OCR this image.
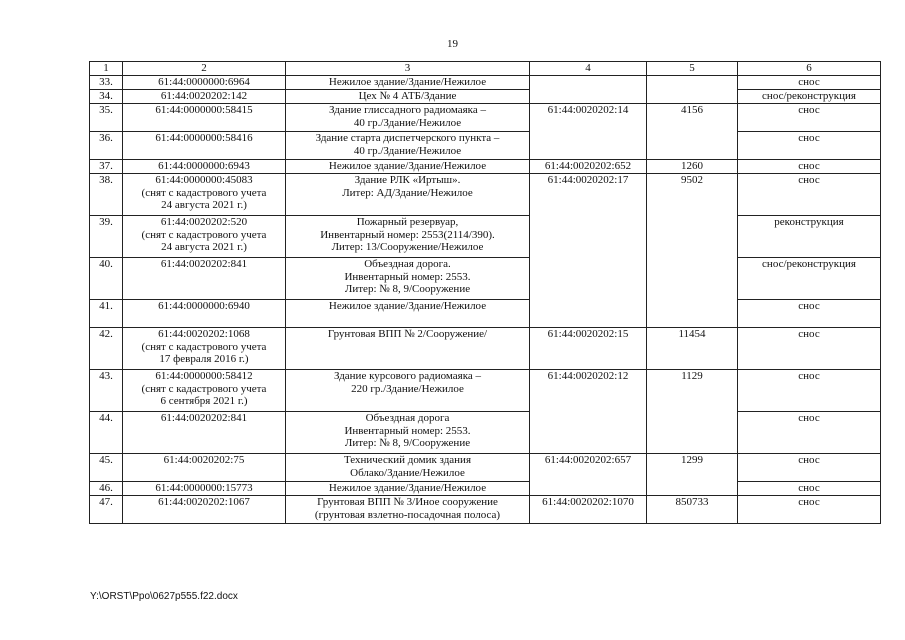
19
1	2	3	4	5	6
33.	61:44:0000000:6964	Нежилое здание/Здание/Нежилое			снос
34.	61:44:0020202:142	Цех № 4 АТБ/Здание			снос/реконструкция
35.	61:44:0000000:58415	Здание глиссадного радиомаяка –
40 гр./Здание/Нежилое	61:44:0020202:14	4156	снос
36.	61:44:0000000:58416	Здание старта диспетчерского пункта –
40 гр./Здание/Нежилое			снос
37.	61:44:0000000:6943	Нежилое здание/Здание/Нежилое	61:44:0020202:652	1260	снос
38.	61:44:0000000:45083
(снят с кадастрового учета
24 августа 2021 г.)	Здание РЛК «Иртыш».
Литер: АД/Здание/Нежилое	61:44:0020202:17	9502	снос
39.	61:44:0020202:520
(снят с кадастрового учета
24 августа 2021 г.)	Пожарный резервуар,
Инвентарный номер: 2553(2114/390).
Литер: 13/Сооружение/Нежилое			реконструкция
40.	61:44:0020202:841	Объездная дорога.
Инвентарный номер: 2553.
Литер: № 8, 9/Сооружение			снос/реконструкция
41.	61:44:0000000:6940	Нежилое здание/Здание/Нежилое			снос
42.	61:44:0020202:1068
(снят с кадастрового учета
17 февраля 2016 г.)	Грунтовая ВПП № 2/Сооружение/	61:44:0020202:15	11454	снос
43.	61:44:0000000:58412
(снят с кадастрового учета
6 сентября 2021 г.)	Здание курсового радиомаяка –
220 гр./Здание/Нежилое	61:44:0020202:12	1129	снос
44.	61:44:0020202:841	Объездная дорога
Инвентарный номер: 2553.
Литер: № 8, 9/Сооружение			снос
45.	61:44:0020202:75	Технический домик здания
Облако/Здание/Нежилое	61:44:0020202:657	1299	снос
46.	61:44:0000000:15773	Нежилое здание/Здание/Нежилое			снос
47.	61:44:0020202:1067	Грунтовая ВПП № 3/Иное сооружение
(грунтовая взлетно-посадочная полоса)	61:44:0020202:1070	850733	снос
Y:\ORST\Ppo\0627p555.f22.docx
